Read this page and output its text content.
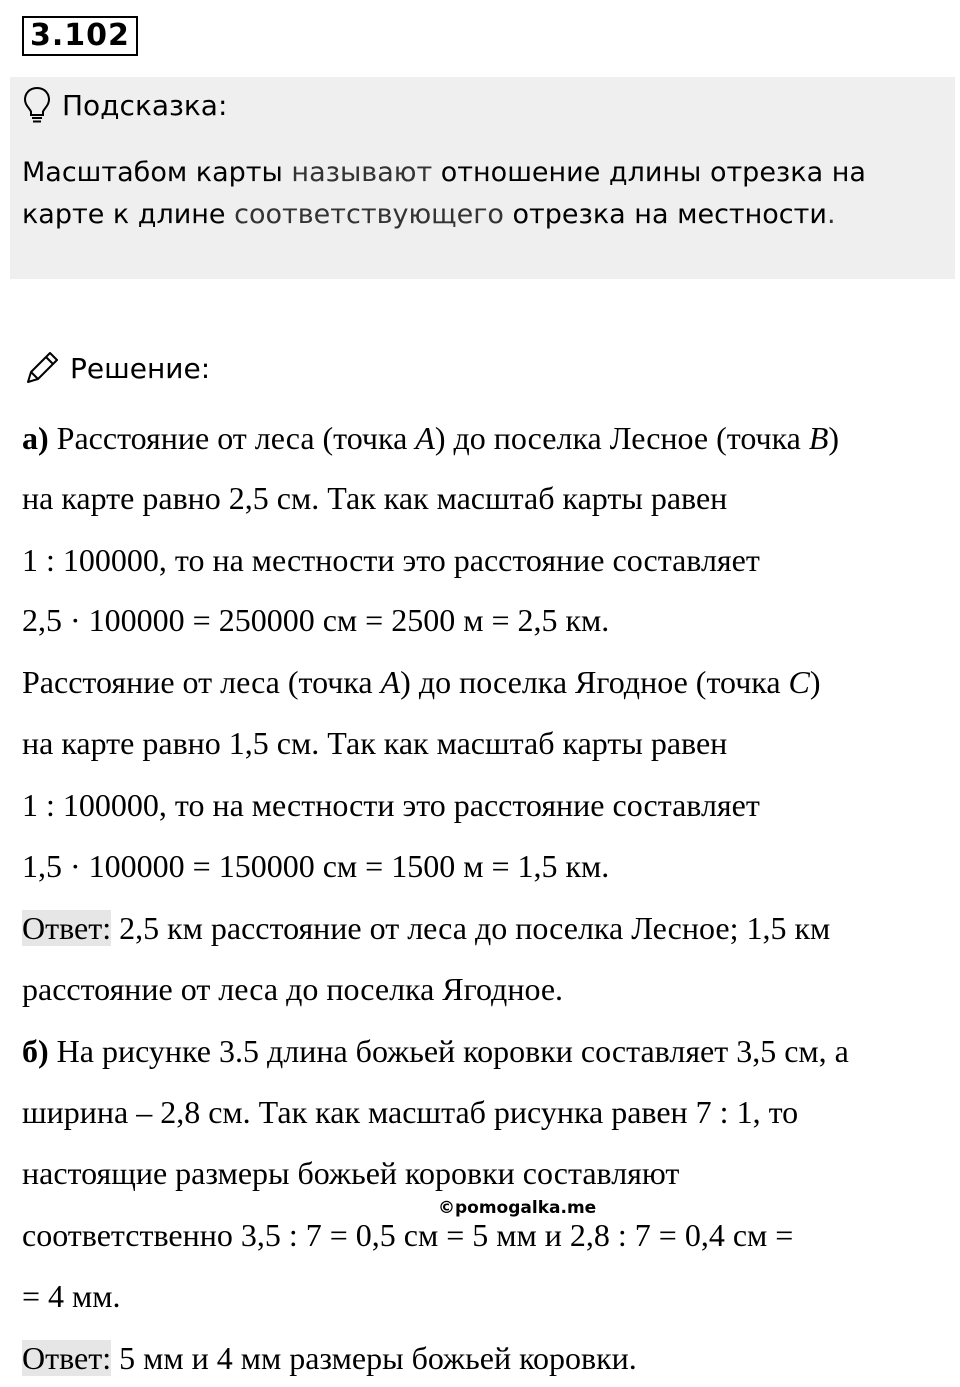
3.102
Подсказка:
Масштабом карты называют отношение длины отрезка на карте к длине соответствующего отрезка на местности.
Решение:
а) Расстояние от леса (точка A) до поселка Лесное (точка B)
на карте равно 2,5 см. Так как масштаб карты равен
1 : 100000, то на местности это расстояние составляет
2,5 · 100000 = 250000 см = 2500 м = 2,5 км.
Расстояние от леса (точка A) до поселка Ягодное (точка C)
на карте равно 1,5 см. Так как масштаб карты равен
1 : 100000, то на местности это расстояние составляет
1,5 · 100000 = 150000 см = 1500 м = 1,5 км.
Ответ: 2,5 км расстояние от леса до поселка Лесное; 1,5 км
расстояние от леса до поселка Ягодное.
б) На рисунке 3.5 длина божьей коровки составляет 3,5 см, а
ширина – 2,8 см. Так как масштаб рисунка равен 7 : 1, то
настоящие размеры божьей коровки составляют
соответственно 3,5 : 7 = 0,5 см = 5 мм и 2,8 : 7 = 0,4 см =
= 4 мм.
Ответ: 5 мм и 4 мм размеры божьей коровки.
©pomogalka.me
